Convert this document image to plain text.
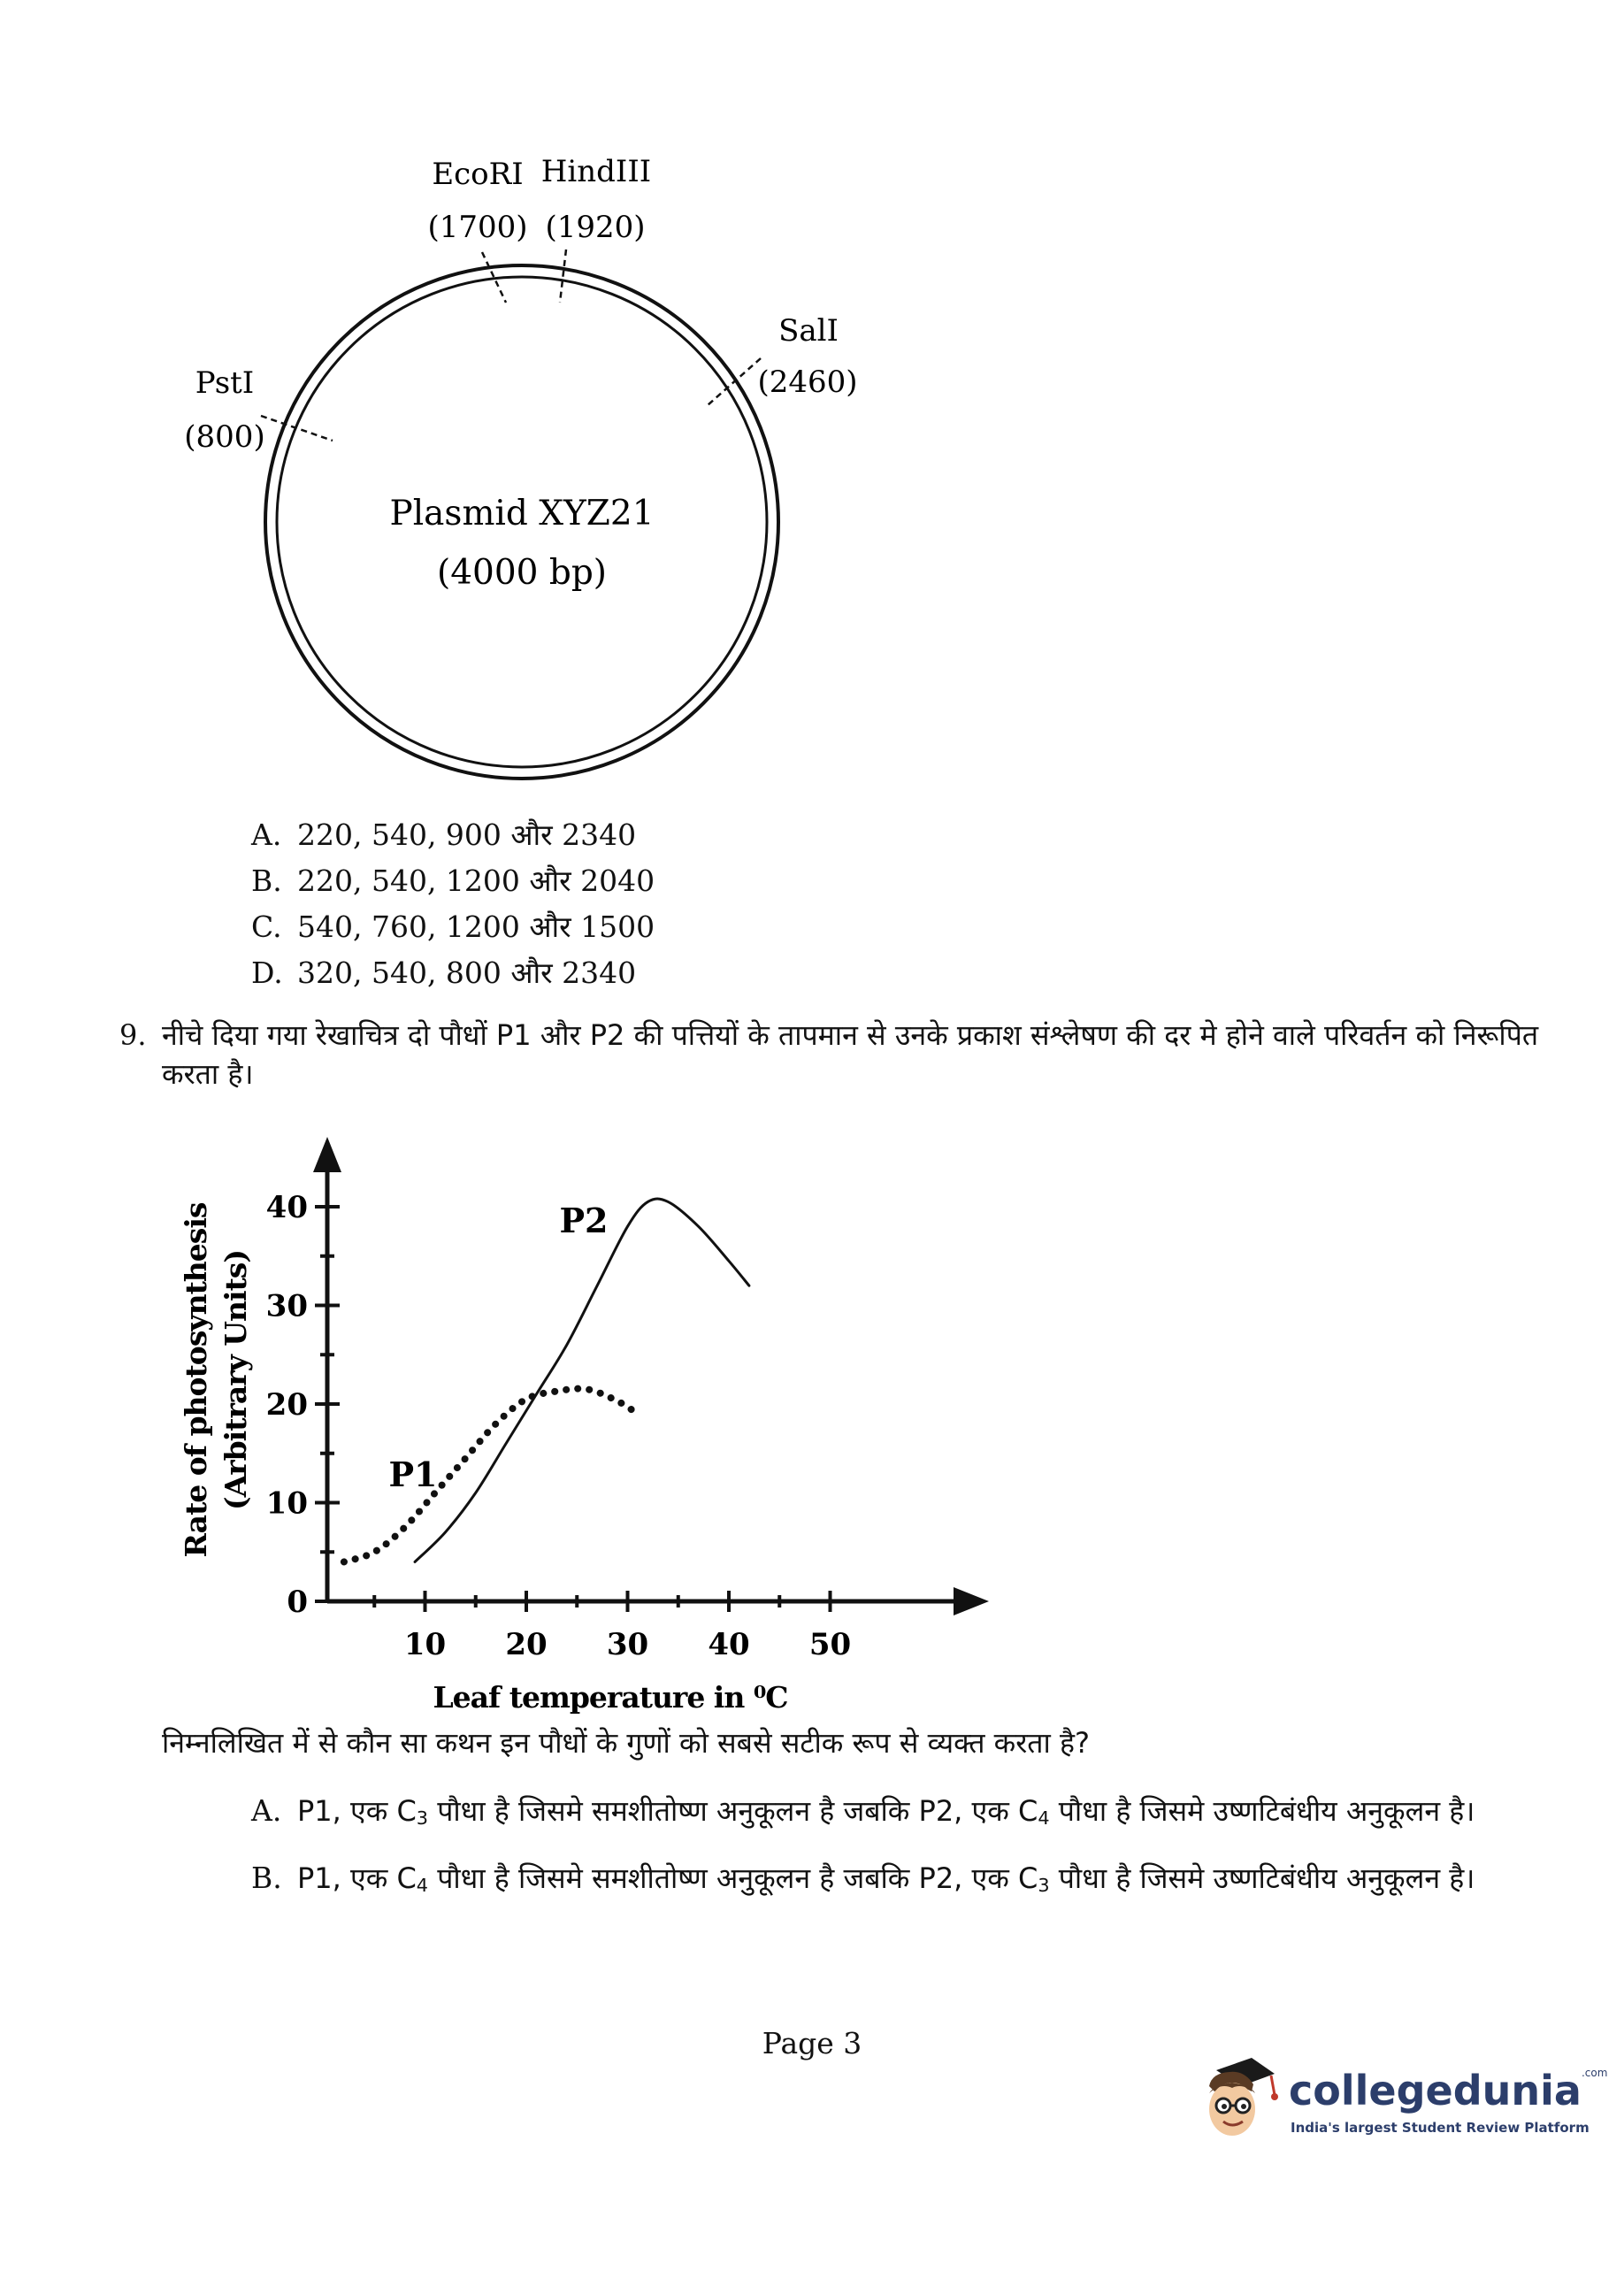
EcoRI
(1700)
HindIII
(1920)
SalI
(2460)
PstI
(800)
Plasmid XYZ21
(4000 bp)
A. 220, 540, 900 और 2340
B. 220, 540, 1200 और 2040
C. 540, 760, 1200 और 1500
D. 320, 540, 800 और 2340
9. नीचे दिया गया रेखाचित्र दो पौधों P1 और P2 की पत्तियों के तापमान से उनके प्रकाश संश्लेषण की दर मे होने वाले परिवर्तन को निरूपित करता है।
0
10
20
30
40
10 20 30 40 50
Leaf temperature in ⁰C
Rate of photosynthesis (Arbitrary Units)
P2
P1
निम्नलिखित में से कौन सा कथन इन पौधों के गुणों को सबसे सटीक रूप से व्यक्त करता है?
A. P1, एक $C_3$ पौधा है जिसमे समशीतोष्ण अनुकूलन है जबकि P2, एक $C_4$ पौधा है जिसमे उष्णटिबंधीय अनुकूलन है।
B. P1, एक $C_4$ पौधा है जिसमे समशीतोष्ण अनुकूलन है जबकि P2, एक $C_3$ पौधा है जिसमे उष्णटिबंधीय अनुकूलन है।
Page 3
collegedunia$^{.com}$
India's largest Student Review Platform
